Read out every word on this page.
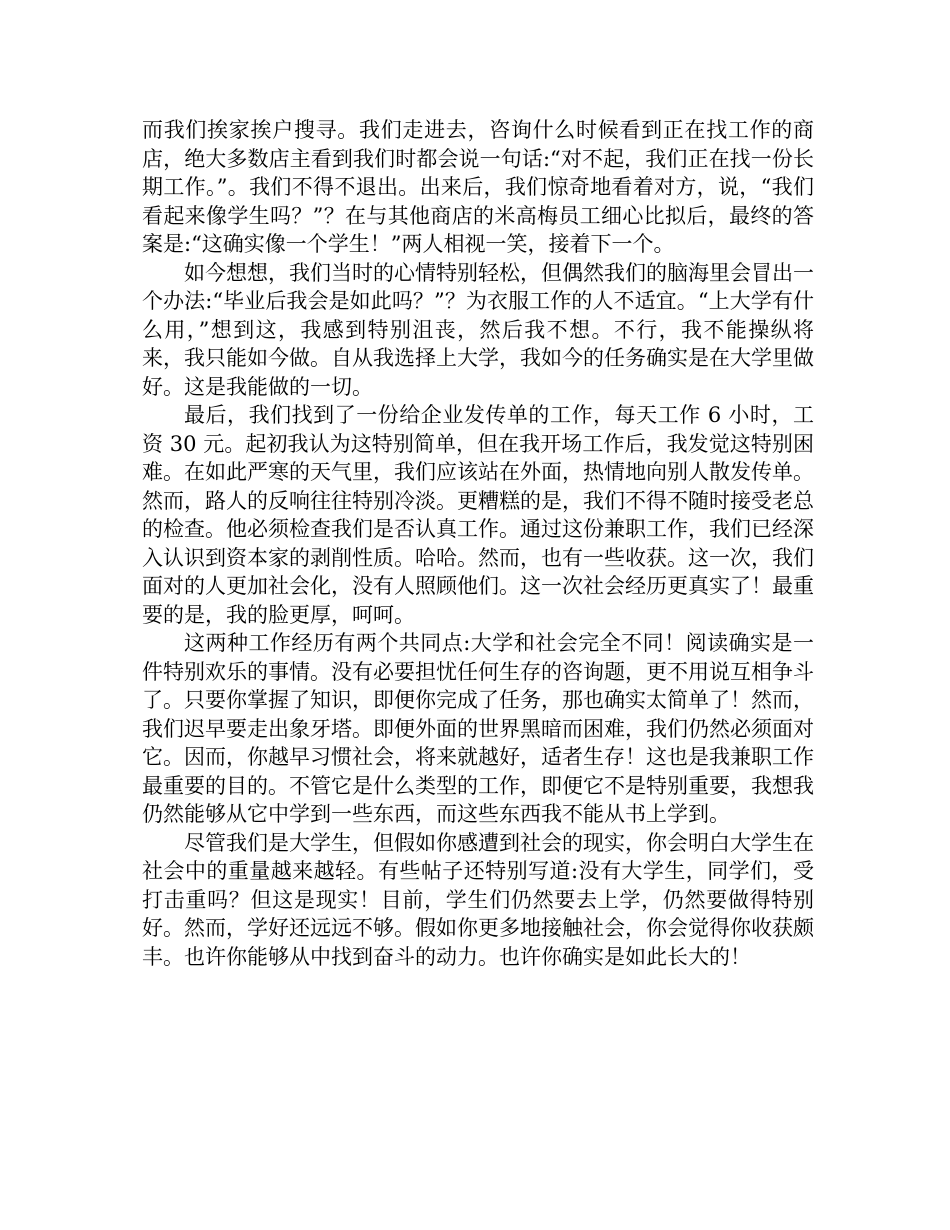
而我们挨家挨户搜寻。我们走进去，咨询什么时候看到正在找工作的商店，绝大多数店主看到我们时都会说一句话:“对不起，我们正在找一份长期工作。”。我们不得不退出。出来后，我们惊奇地看着对方，说，“我们看起来像学生吗？”？在与其他商店的米高梅员工细心比拟后，最终的答案是:“这确实像一个学生！”两人相视一笑，接着下一个。

如今想想，我们当时的心情特别轻松，但偶然我们的脑海里会冒出一个办法:“毕业后我会是如此吗？”？为衣服工作的人不适宜。“上大学有什么用，”想到这，我感到特别沮丧，然后我不想。不行，我不能操纵将来，我只能如今做。自从我选择上大学，我如今的任务确实是在大学里做好。这是我能做的一切。

最后，我们找到了一份给企业发传单的工作，每天工作 6 小时，工资 30 元。起初我认为这特别简单，但在我开场工作后，我发觉这特别困难。在如此严寒的天气里，我们应该站在外面，热情地向别人散发传单。然而，路人的反响往往特别冷淡。更糟糕的是，我们不得不随时接受老总的检查。他必须检查我们是否认真工作。通过这份兼职工作，我们已经深入认识到资本家的剥削性质。哈哈。然而，也有一些收获。这一次，我们面对的人更加社会化，没有人照顾他们。这一次社会经历更真实了！最重要的是，我的脸更厚，呵呵。

这两种工作经历有两个共同点:大学和社会完全不同！阅读确实是一件特别欢乐的事情。没有必要担忧任何生存的咨询题，更不用说互相争斗了。只要你掌握了知识，即便你完成了任务，那也确实太简单了！然而，我们迟早要走出象牙塔。即便外面的世界黑暗而困难，我们仍然必须面对它。因而，你越早习惯社会，将来就越好，适者生存！这也是我兼职工作最重要的目的。不管它是什么类型的工作，即便它不是特别重要，我想我仍然能够从它中学到一些东西，而这些东西我不能从书上学到。

尽管我们是大学生，但假如你感遭到社会的现实，你会明白大学生在社会中的重量越来越轻。有些帖子还特别写道:没有大学生，同学们，受打击重吗？但这是现实！目前，学生们仍然要去上学，仍然要做得特别好。然而，学好还远远不够。假如你更多地接触社会，你会觉得你收获颇丰。也许你能够从中找到奋斗的动力。也许你确实是如此长大的！
